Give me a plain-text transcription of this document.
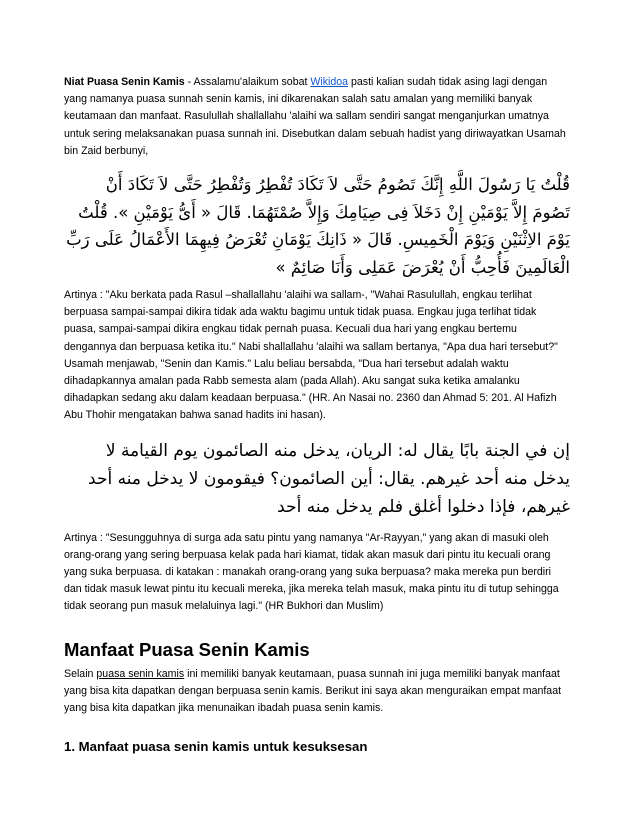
Niat Puasa Senin Kamis - Assalamu'alaikum sobat Wikidoa pasti kalian sudah tidak asing lagi dengan yang namanya puasa sunnah senin kamis, ini dikarenakan salah satu amalan yang memiliki banyak keutamaan dan manfaat. Rasulullah shallallahu 'alaihi wa sallam sendiri sangat menganjurkan umatnya untuk sering melaksanakan puasa sunnah ini. Disebutkan dalam sebuah hadist yang diriwayatkan Usamah bin Zaid berbunyi,

قُلْتُ يَا رَسُولَ اللَّهِ إِنَّكَ تَصُومُ حَتَّى لاَ تَكَادَ تُفْطِرُ وَتُفْطِرُ حَتَّى لاَ تَكَادَ أَنْ تَصُومَ إِلاَّ يَوْمَيْنِ إِنْ دَخَلاَ فِى صِيَامِكَ وَإِلاَّ صُمْتَهُمَا. قَالَ « أَىُّ يَوْمَيْنِ ». قُلْتُ يَوْمَ الاِثْنَيْنِ وَيَوْمَ الْخَمِيسِ. قَالَ « ذَانِكَ يَوْمَانِ تُعْرَضُ فِيهِمَا الأَعْمَالُ عَلَى رَبِّ الْعَالَمِينَ فَأُحِبُّ أَنْ يُعْرَضَ عَمَلِى وَأَنَا صَائِمٌ »

Artinya : "Aku berkata pada Rasul –shallallahu 'alaihi wa sallam-, "Wahai Rasulullah, engkau terlihat berpuasa sampai-sampai dikira tidak ada waktu bagimu untuk tidak puasa. Engkau juga terlihat tidak puasa, sampai-sampai dikira engkau tidak pernah puasa. Kecuali dua hari yang engkau bertemu dengannya dan berpuasa ketika itu." Nabi shallallahu 'alaihi wa sallam bertanya, "Apa dua hari tersebut?" Usamah menjawab, "Senin dan Kamis." Lalu beliau bersabda, "Dua hari tersebut adalah waktu dihadapkannya amalan pada Rabb semesta alam (pada Allah). Aku sangat suka ketika amalanku dihadapkan sedang aku dalam keadaan berpuasa." (HR. An Nasai no. 2360 dan Ahmad 5: 201. Al Hafizh Abu Thohir mengatakan bahwa sanad hadits ini hasan).

إن في الجنة بابًا يقال له: الريان، يدخل منه الصائمون يوم القيامة لا يدخل منه أحد غيرهم. يقال: أين الصائمون؟ فيقومون لا يدخل منه أحد غيرهم، فإذا دخلوا أغلق فلم يدخل منه أحد

Artinya : "Sesungguhnya di surga ada satu pintu yang namanya "Ar-Rayyan," yang akan di masuki oleh orang-orang yang sering berpuasa kelak pada hari kiamat, tidak akan masuk dari pintu itu kecuali orang yang suka berpuasa. di katakan : manakah orang-orang yang suka berpuasa? maka mereka pun berdiri dan tidak masuk lewat pintu itu kecuali mereka, jika mereka telah masuk, maka pintu itu di tutup sehingga tidak seorang pun masuk melaluinya lagi." (HR Bukhori dan Muslim)

Manfaat Puasa Senin Kamis

Selain puasa senin kamis ini memiliki banyak keutamaan, puasa sunnah ini juga memiliki banyak manfaat yang bisa kita dapatkan dengan berpuasa senin kamis. Berikut ini saya akan menguraikan empat manfaat yang bisa kita dapatkan jika menunaikan ibadah puasa senin kamis.

1. Manfaat puasa senin kamis untuk kesuksesan
